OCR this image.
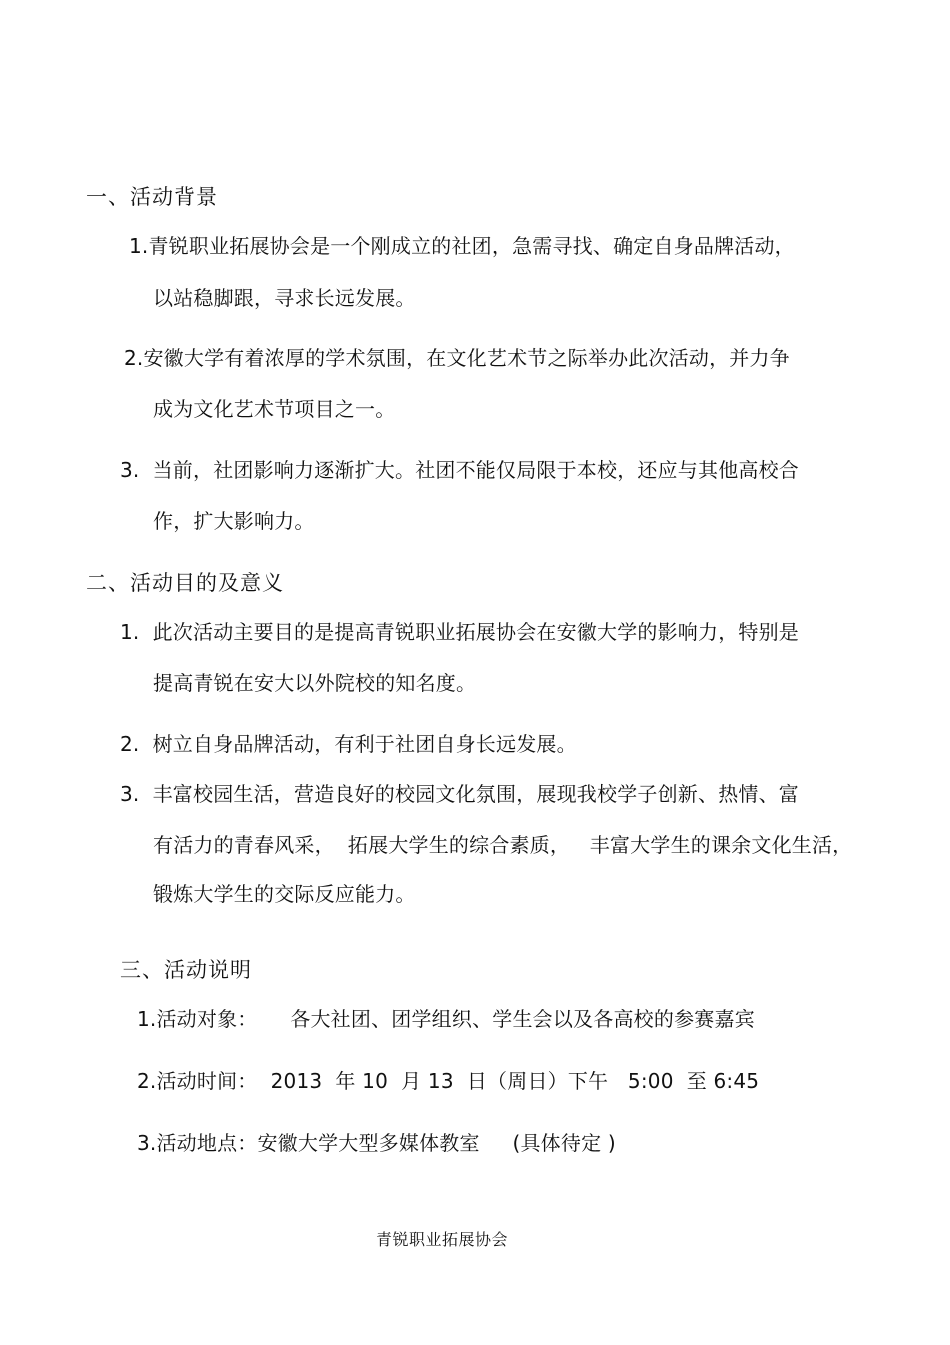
一、活动背景
1.青锐职业拓展协会是一个刚成立的社团，急需寻找、确定自身品牌活动，
以站稳脚跟，寻求长远发展。
2.安徽大学有着浓厚的学术氛围，在文化艺术节之际举办此次活动，并力争
成为文化艺术节项目之一。
3.  当前，社团影响力逐渐扩大。社团不能仅局限于本校，还应与其他高校合
作，扩大影响力。
二、活动目的及意义
1.  此次活动主要目的是提高青锐职业拓展协会在安徽大学的影响力，特别是
提高青锐在安大以外院校的知名度。
2.  树立自身品牌活动，有利于社团自身长远发展。
3.  丰富校园生活，营造良好的校园文化氛围，展现我校学子创新、热情、富
有活力的青春风采，  拓展大学生的综合素质，   丰富大学生的课余文化生活，
锻炼大学生的交际反应能力。
三、活动说明
1.活动对象：     各大社团、团学组织、学生会以及各高校的参赛嘉宾
2.活动时间：  2013  年 10  月 13  日（周日）下午   5:00  至 6:45
3.活动地点：安徽大学大型多媒体教室     (具体待定 )
青锐职业拓展协会
